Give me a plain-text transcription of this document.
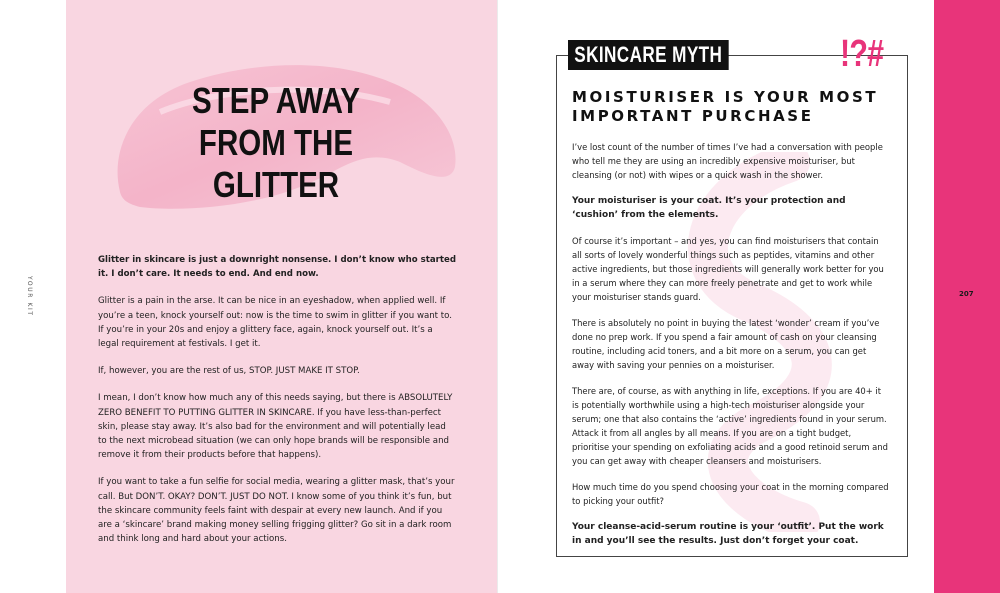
STEP AWAY
FROM THE GLITTER

Glitter in skincare is just a downright nonsense. I don’t know who started it. I don’t care. It needs to end. And end now.

Glitter is a pain in the arse. It can be nice in an eyeshadow, when applied well. If you’re a teen, knock yourself out: now is the time to swim in glitter if you want to. If you’re in your 20s and enjoy a glittery face, again, knock yourself out. It’s a legal requirement at festivals. I get it.

If, however, you are the rest of us, STOP. JUST MAKE IT STOP.

I mean, I don’t know how much any of this needs saying, but there is ABSOLUTELY ZERO BENEFIT TO PUTTING GLITTER IN SKINCARE. If you have less-than-perfect skin, please stay away. It’s also bad for the environment and will potentially lead to the next microbead situation (we can only hope brands will be responsible and remove it from their products before that happens).

If you want to take a fun selfie for social media, wearing a glitter mask, that’s your call. But DON’T. OKAY? DON’T. JUST DO NOT. I know some of you think it’s fun, but the skincare community feels faint with despair at every new launch. And if you are a ‘skincare’ brand making money selling frigging glitter? Go sit in a dark room and think long and hard about your actions.

YOUR KIT
SKINCARE MYTH	!?#
MOISTURISER IS YOUR MOST IMPORTANT PURCHASE

I’ve lost count of the number of times I’ve had a conversation with people who tell me they are using an incredibly expensive moisturiser, but cleansing (or not) with wipes or a quick wash in the shower.

Your moisturiser is your coat. It’s your protection and ‘cushion’ from the elements.

Of course it’s important – and yes, you can find moisturisers that contain all sorts of lovely wonderful things such as peptides, vitamins and other active ingredients, but those ingredients will generally work better for you in a serum where they can more freely penetrate and get to work while your moisturiser stands guard.

There is absolutely no point in buying the latest ‘wonder’ cream if you’ve done no prep work. If you spend a fair amount of cash on your cleansing routine, including acid toners, and a bit more on a serum, you can get away with saving your pennies on a moisturiser.

There are, of course, as with anything in life, exceptions. If you are 40+ it is potentially worthwhile using a high-tech moisturiser alongside your serum; one that also contains the ‘active’ ingredients found in your serum. Attack it from all angles by all means. If you are on a tight budget, prioritise your spending on exfoliating acids and a good retinoid serum and you can get away with cheaper cleansers and moisturisers.

How much time do you spend choosing your coat in the morning compared to picking your outfit?

Your cleanse-acid-serum routine is your ‘outfit’. Put the work in and you’ll see the results. Just don’t forget your coat.

207
